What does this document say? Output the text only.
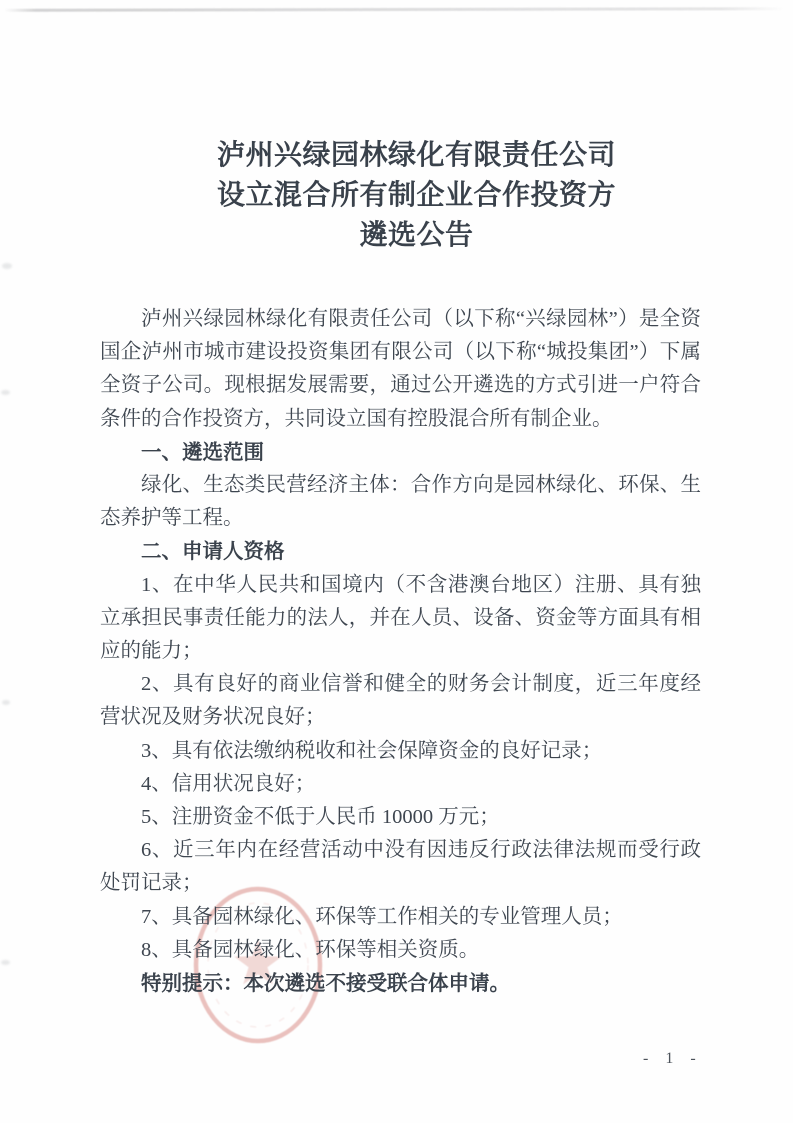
泸州兴绿园林绿化有限责任公司
设立混合所有制企业合作投资方
遴选公告

泸州兴绿园林绿化有限责任公司（以下称“兴绿园林”）是全资国企泸州市城市建设投资集团有限公司（以下称“城投集团”）下属全资子公司。现根据发展需要，通过公开遴选的方式引进一户符合条件的合作投资方，共同设立国有控股混合所有制企业。

一、遴选范围

绿化、生态类民营经济主体：合作方向是园林绿化、环保、生态养护等工程。

二、申请人资格

1、在中华人民共和国境内（不含港澳台地区）注册、具有独立承担民事责任能力的法人，并在人员、设备、资金等方面具有相应的能力；

2、具有良好的商业信誉和健全的财务会计制度，近三年度经营状况及财务状况良好；

3、具有依法缴纳税收和社会保障资金的良好记录；

4、信用状况良好；

5、注册资金不低于人民币 10000 万元；

6、近三年内在经营活动中没有因违反行政法律法规而受行政处罚记录；

7、具备园林绿化、环保等工作相关的专业管理人员；

8、具备园林绿化、环保等相关资质。

特别提示：本次遴选不接受联合体申请。

-  1  -
